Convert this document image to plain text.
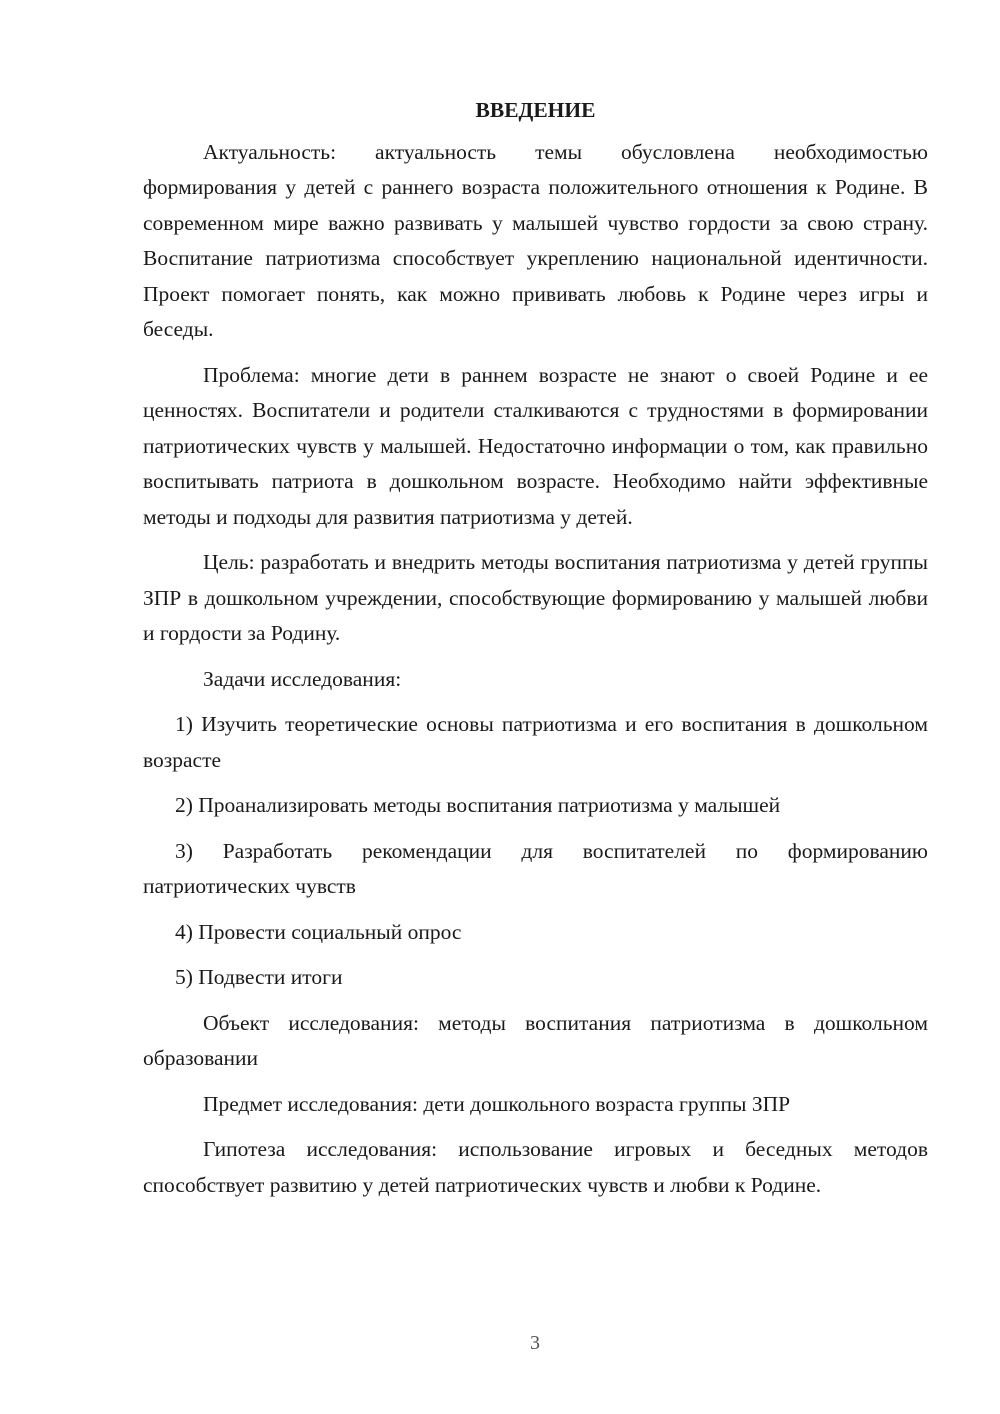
ВВЕДЕНИЕ

Актуальность: актуальность темы обусловлена необходимостью формирования у детей с раннего возраста положительного отношения к Родине. В современном мире важно развивать у малышей чувство гордости за свою страну. Воспитание патриотизма способствует укреплению национальной идентичности. Проект помогает понять, как можно прививать любовь к Родине через игры и беседы.

Проблема: многие дети в раннем возрасте не знают о своей Родине и ее ценностях. Воспитатели и родители сталкиваются с трудностями в формировании патриотических чувств у малышей. Недостаточно информации о том, как правильно воспитывать патриота в дошкольном возрасте. Необходимо найти эффективные методы и подходы для развития патриотизма у детей.

Цель: разработать и внедрить методы воспитания патриотизма у детей группы ЗПР в дошкольном учреждении, способствующие формированию у малышей любви и гордости за Родину.

Задачи исследования:

1) Изучить теоретические основы патриотизма и его воспитания в дошкольном возрасте

2) Проанализировать методы воспитания патриотизма у малышей

3) Разработать рекомендации для воспитателей по формированию патриотических чувств

4) Провести социальный опрос

5) Подвести итоги

Объект исследования: методы воспитания патриотизма в дошкольном образовании

Предмет исследования: дети дошкольного возраста группы ЗПР

Гипотеза исследования: использование игровых и беседных методов способствует развитию у детей патриотических чувств и любви к Родине.

3
